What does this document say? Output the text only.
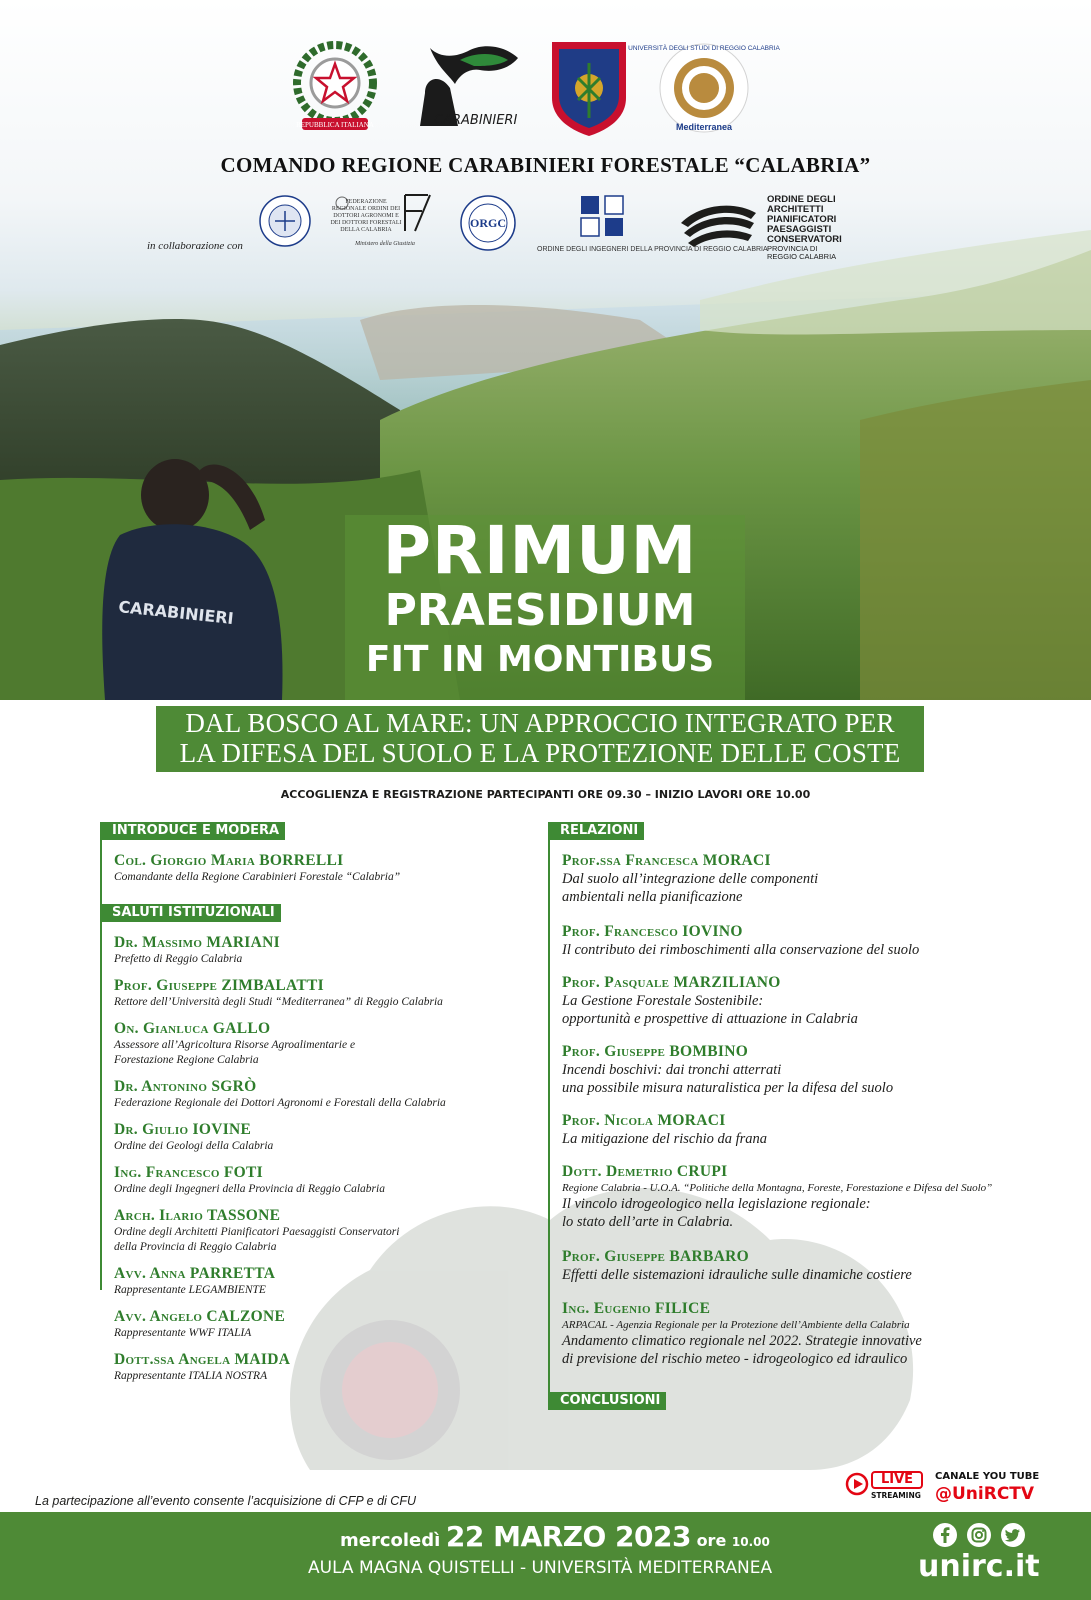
CARABINIERI
REPUBBLICA ITALIANA	CARABINIERI
UNIVERSITÀ DEGLI STUDI DI REGGIO CALABRIA
Mediterranea
COMANDO REGIONE CARABINIERI FORESTALE “CALABRIA”
in collaborazione con
FEDERAZIONE REGIONALE ORDINI DEI DOTTORI AGRONOMI E DEI DOTTORI FORESTALI DELLA CALABRIA
Ministero della Giustizia
ORGC
ORDINE DEGLI INGEGNERI DELLA PROVINCIA DI REGGIO CALABRIA
ORDINE DEGLI
ARCHITETTI
PIANIFICATORI
PAESAGGISTI
CONSERVATORI
PROVINCIA DI
REGGIO CALABRIA
PRIMUM
PRAESIDIUM
FIT IN MONTIBUS
DAL BOSCO AL MARE: UN APPROCCIO INTEGRATO PER
LA DIFESA DEL SUOLO E LA PROTEZIONE DELLE COSTE
ACCOGLIENZA E REGISTRAZIONE PARTECIPANTI ORE 09.30 – INIZIO LAVORI ORE 10.00
INTRODUCE E MODERA
Col. Giorgio Maria BORRELLI
Comandante della Regione Carabinieri Forestale “Calabria”
SALUTI ISTITUZIONALI
Dr. Massimo MARIANI
Prefetto di Reggio Calabria
Prof. Giuseppe ZIMBALATTI
Rettore dell’Università degli Studi “Mediterranea” di Reggio Calabria
On. Gianluca GALLO
Assessore all’Agricoltura Risorse Agroalimentarie e
Forestazione Regione Calabria
Dr. Antonino SGRÒ
Federazione Regionale dei Dottori Agronomi e Forestali della Calabria
Dr. Giulio IOVINE
Ordine dei Geologi della Calabria
Ing. Francesco FOTI
Ordine degli Ingegneri della Provincia di Reggio Calabria
Arch. Ilario TASSONE
Ordine degli Architetti Pianificatori Paesaggisti Conservatori
della Provincia di Reggio Calabria
Avv. Anna PARRETTA
Rappresentante LEGAMBIENTE
Avv. Angelo CALZONE
Rappresentante WWF ITALIA
Dott.ssa Angela MAIDA
Rappresentante ITALIA NOSTRA
RELAZIONI
Prof.ssa Francesca MORACI
Dal suolo all’integrazione delle componenti
ambientali nella pianificazione
Prof. Francesco IOVINO
Il contributo dei rimboschimenti alla conservazione del suolo
Prof. Pasquale MARZILIANO
La Gestione Forestale Sostenibile:
opportunità e prospettive di attuazione in Calabria
Prof. Giuseppe BOMBINO
Incendi boschivi: dai tronchi atterrati
una possibile misura naturalistica per la difesa del suolo
Prof. Nicola MORACI
La mitigazione del rischio da frana
Dott. Demetrio CRUPI
Regione Calabria - U.O.A. “Politiche della Montagna, Foreste, Forestazione e Difesa del Suolo”
Il vincolo idrogeologico nella legislazione regionale:
lo stato dell’arte in Calabria.
Prof. Giuseppe BARBARO
Effetti delle sistemazioni idrauliche sulle dinamiche costiere
Ing. Eugenio FILICE
ARPACAL - Agenzia Regionale per la Protezione dell’Ambiente della Calabria
Andamento climatico regionale nel 2022. Strategie innovative
di previsione del rischio meteo - idrogeologico ed idraulico
CONCLUSIONI
La partecipazione all’evento consente l’acquisizione di CFP e di CFU
LIVE
STREAMING
CANALE YOU TUBE
@UniRCTV
mercoledì 22 MARZO 2023 ore 10.00
AULA MAGNA QUISTELLI - UNIVERSITÀ MEDITERRANEA	unirc.it
